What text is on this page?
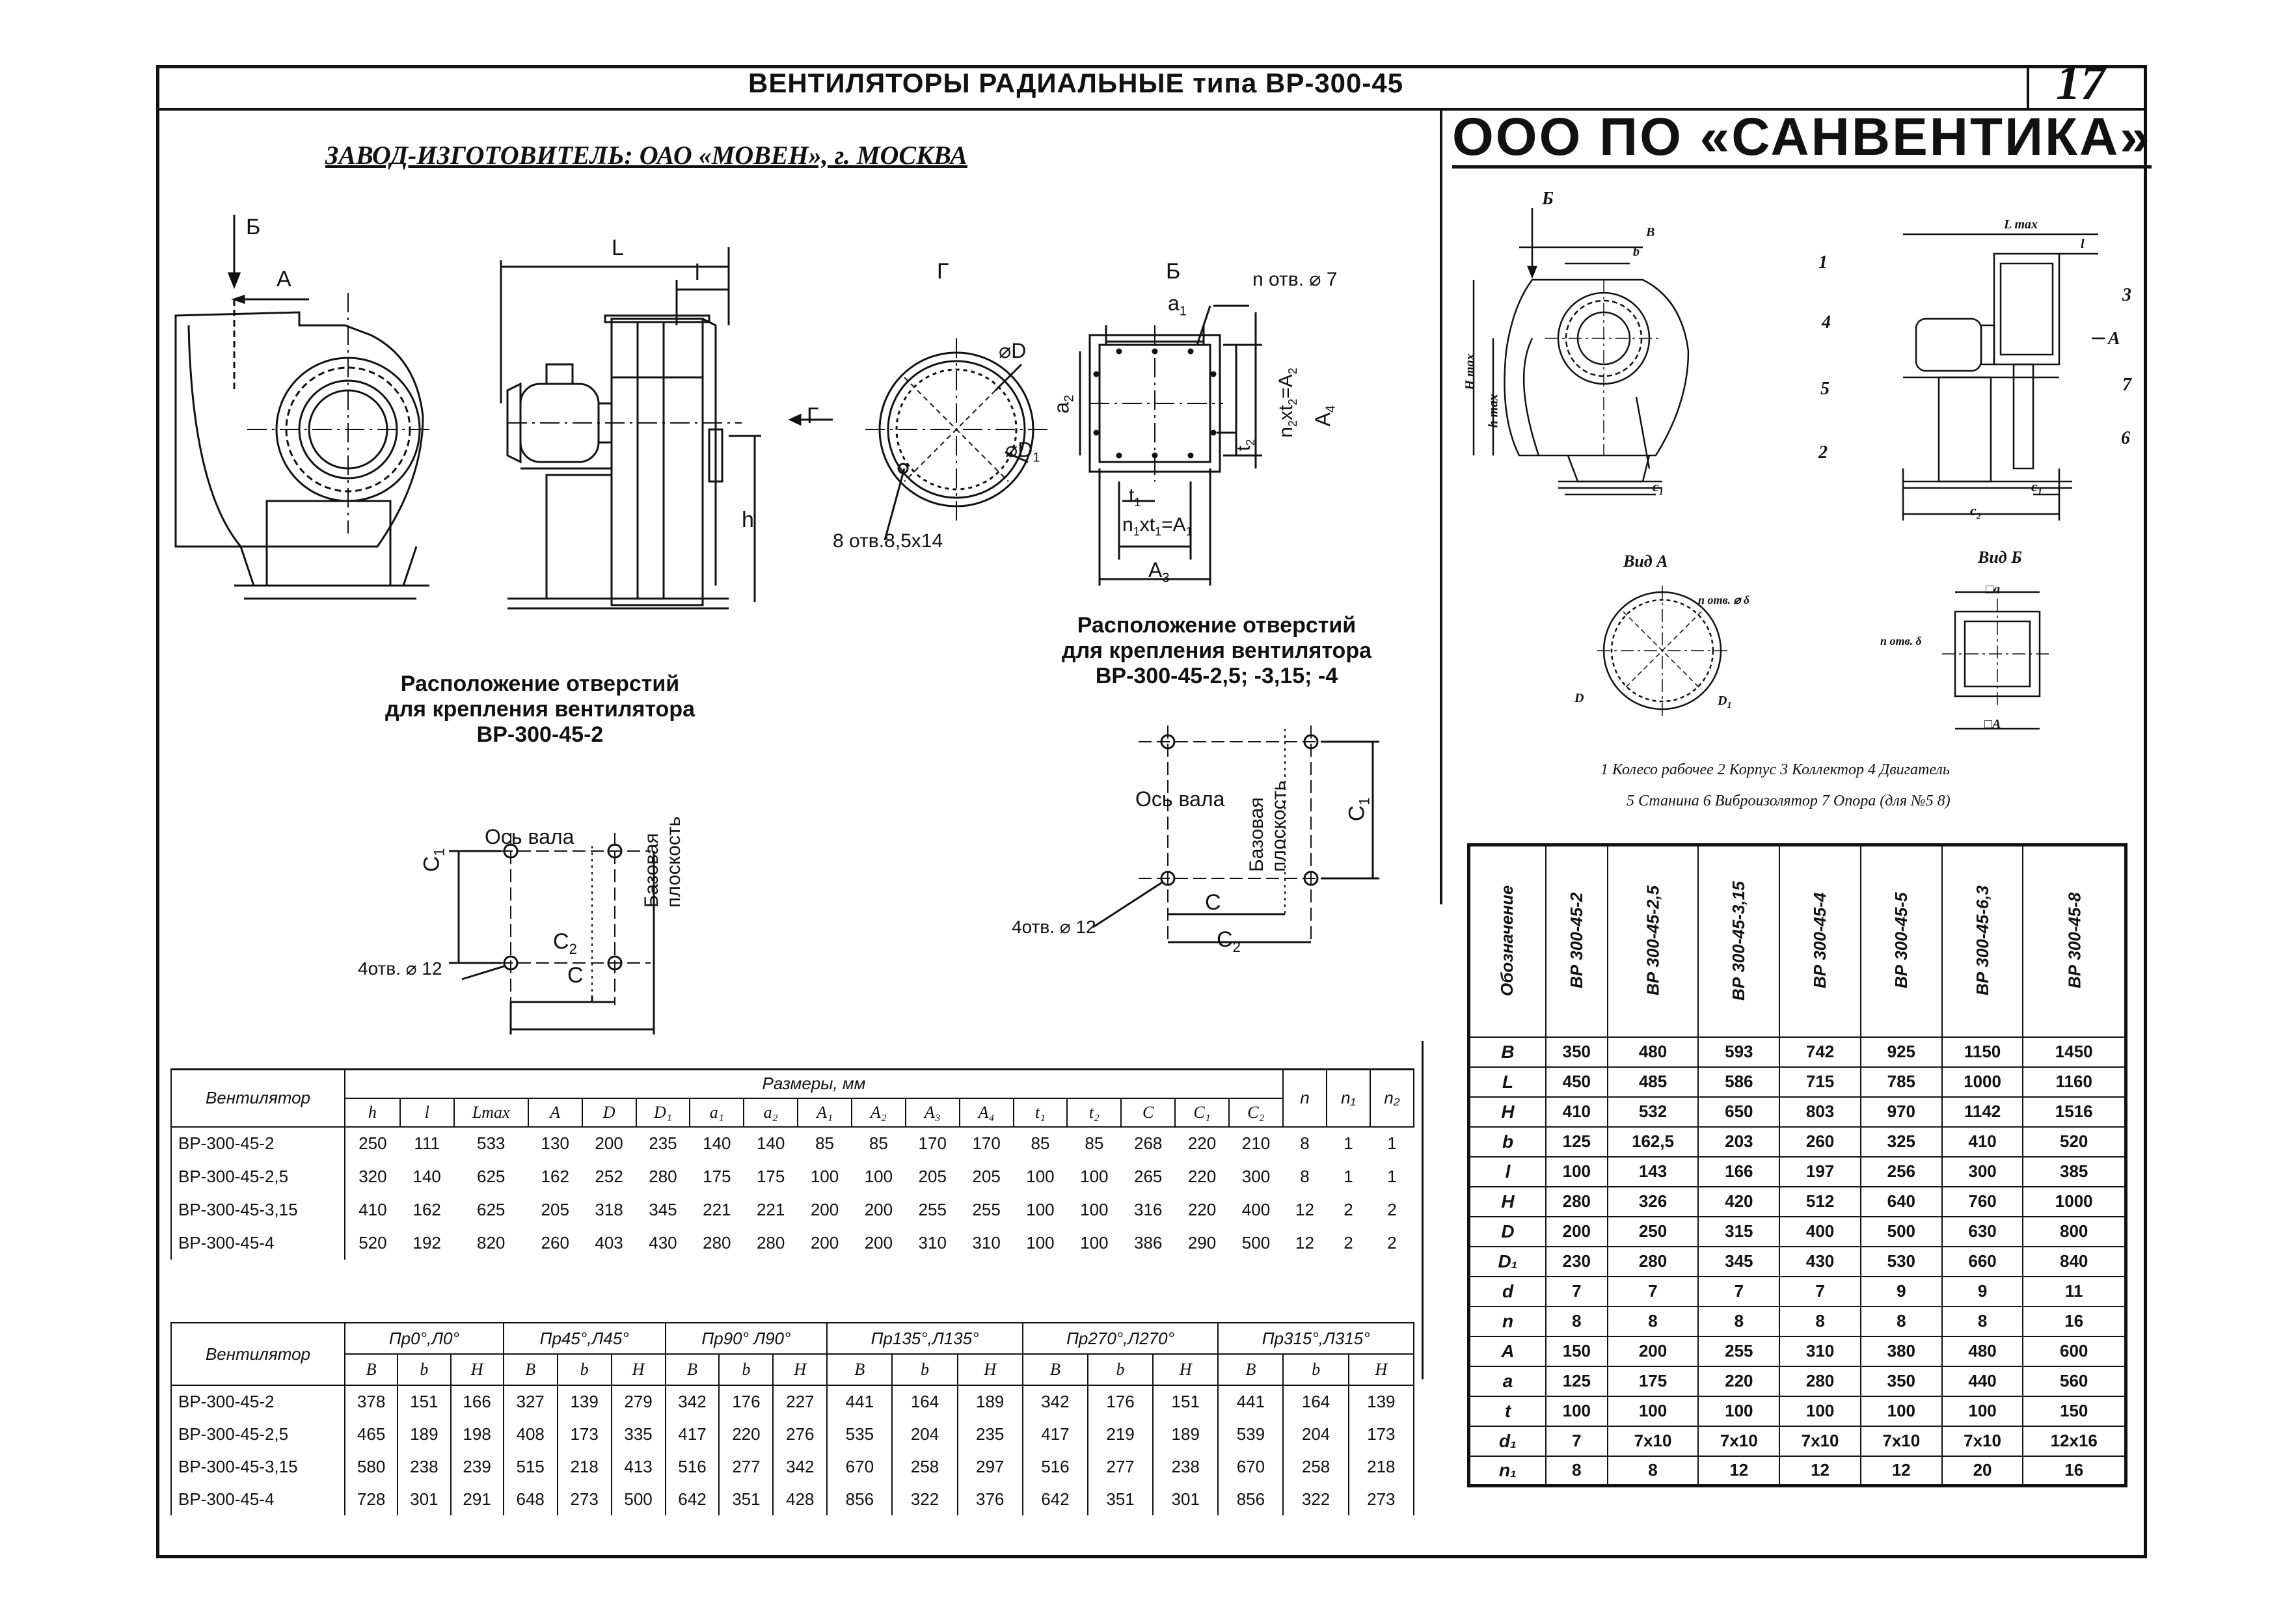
ВЕНТИЛЯТОРЫ РАДИАЛЬНЫЕ типа ВР-300-45	17
ЗАВОД-ИЗГОТОВИТЕЛЬ: ОАО «МОВЕН», г. МОСКВА	ООО ПО «САНВЕНТИКА»
Б
А
L
l
h
Г
Г
⌀D
$⌀D_1$
8 отв.8,5х14
Б	n отв. ⌀ 7
$a_1$
$a_2$
$A_4$
$n_2xt_2=A_2$
$t_2$
$t_1$
$n_1xt_1=A_1$
$A_3$
Расположение отверстий
для крепления вентилятора
ВР-300-45-2
$C_1$
Ось вала	Базовая плоскость
$C_2$
C
4отв. ⌀ 12
Расположение отверстий
для крепления вентилятора
ВР-300-45-2,5; -3,15; -4
Ось вала Базовая плоскость	$C_1$
C
$C_2$
4отв. ⌀ 12
Б
B
b
L max
l
H max
h max
A
1
2
3
4
5
6
7
$c_1$	$c_1$
$c_2$
Вид А	Вид Б
n отв. ⌀ δ
n отв. δ
□a
□A
D	$D_1$
1 Колесо рабочее 2 Корпус 3 Коллектор 4 Двигатель
5 Станина 6 Виброизолятор 7 Опора (для №5 8)
Обозначение	ВР 300-45-2	ВР 300-45-2,5	ВР 300-45-3,15	ВР 300-45-4	ВР 300-45-5	ВР 300-45-6,3	ВР 300-45-8
B	350	480	593	742	925	1150	1450
L	450	485	586	715	785	1000	1160
H	410	532	650	803	970	1142	1516
b	125	162,5	203	260	325	410	520
l	100	143	166	197	256	300	385
H	280	326	420	512	640	760	1000
D	200	250	315	400	500	630	800
D₁	230	280	345	430	530	660	840
d	7	7	7	7	9	9	11
n	8	8	8	8	8	8	16
A	150	200	255	310	380	480	600
a	125	175	220	280	350	440	560
t	100	100	100	100	100	100	150
d₁	7	7x10	7x10	7x10	7x10	7x10	12x16
n₁	8	8	12	12	12	20	16
Вентилятор	Размеры, мм																	n	n₁	n₂
	h	l	Lmax	A	D	D₁	a₁	a₂	A₁	A₂	A₃	A₄	t₁	t₂	C	C₁	C₂			
ВР-300-45-2	250	111	533	130	200	235	140	140	85	85	170	170	85	85	268	220	210	8	1	1
ВР-300-45-2,5	320	140	625	162	252	280	175	175	100	100	205	205	100	100	265	220	300	8	1	1
ВР-300-45-3,15	410	162	625	205	318	345	221	221	200	200	255	255	100	100	316	220	400	12	2	2
ВР-300-45-4	520	192	820	260	403	430	280	280	200	200	310	310	100	100	386	290	500	12	2	2
Вентилятор	Пр0°,Л0°			Пр45°,Л45°			Пр90° Л90°			Пр135°,Л135°			Пр270°,Л270°			Пр315°,Л315°		
	B	b	H	B	b	H	B	b	H	B	b	H	B	b	H	B	b	H
ВР-300-45-2	378	151	166	327	139	279	342	176	227	441	164	189	342	176	151	441	164	139
ВР-300-45-2,5	465	189	198	408	173	335	417	220	276	535	204	235	417	219	189	539	204	173
ВР-300-45-3,15	580	238	239	515	218	413	516	277	342	670	258	297	516	277	238	670	258	218
ВР-300-45-4	728	301	291	648	273	500	642	351	428	856	322	376	642	351	301	856	322	273
